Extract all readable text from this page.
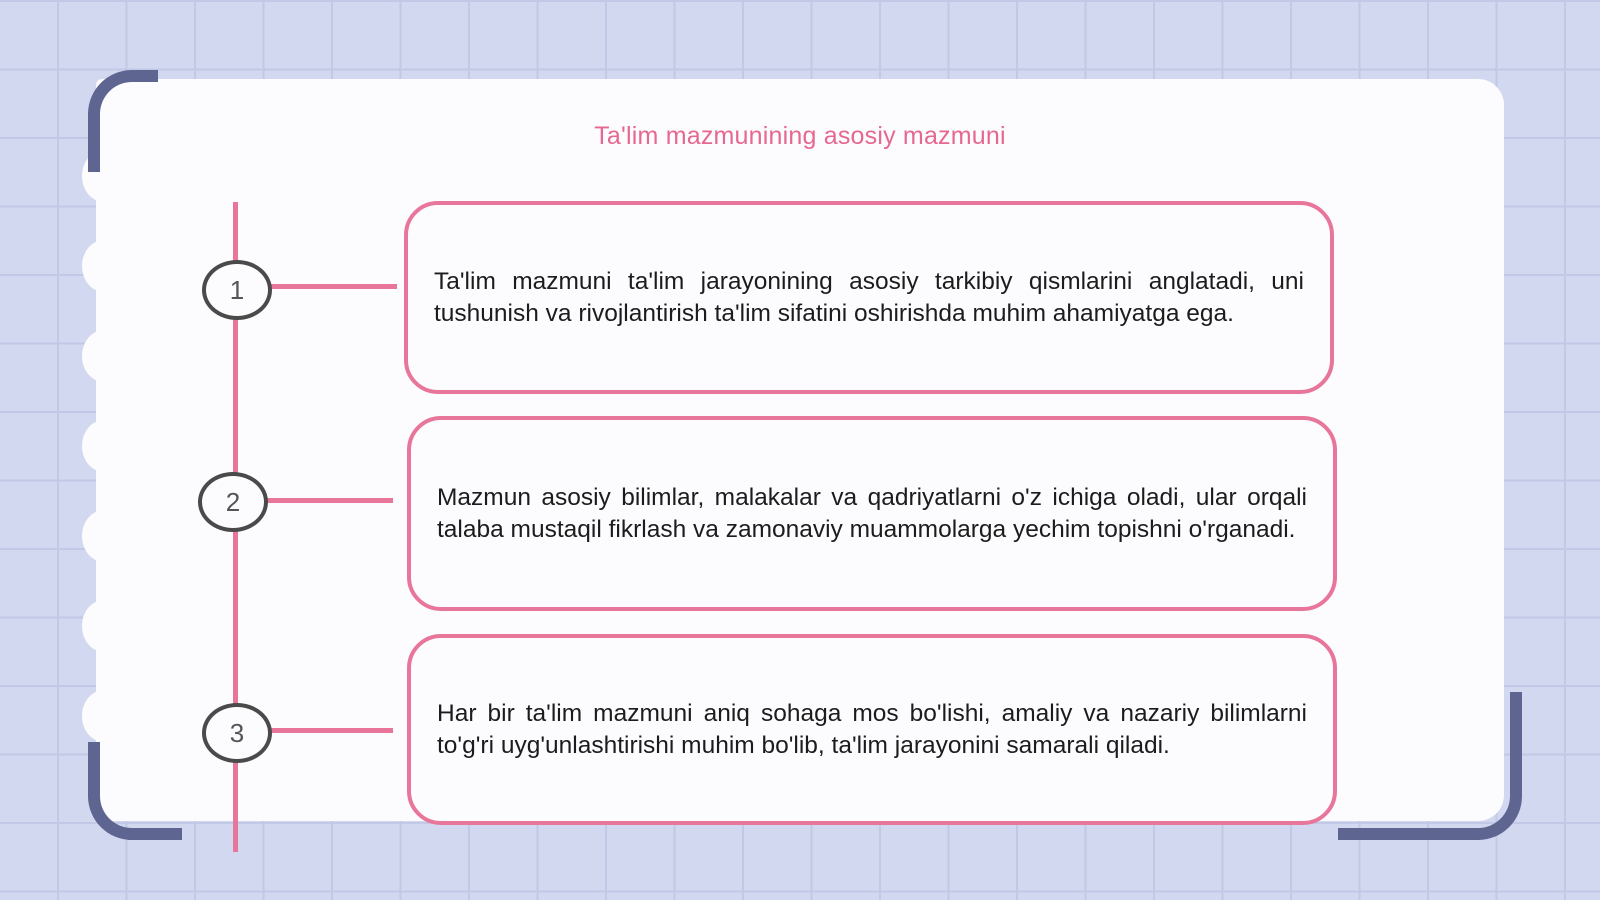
Ta'lim mazmunining asosiy mazmuni
1
2
3

Ta'lim mazmuni ta'lim jarayonining asosiy tarkibiy qismlarini anglatadi, uni tushunish va rivojlantirish ta'lim sifatini oshirishda muhim ahamiyatga ega.

Mazmun asosiy bilimlar, malakalar va qadriyatlarni o'z ichiga oladi, ular orqali talaba mustaqil fikrlash va zamonaviy muammolarga yechim topishni o'rganadi.

Har bir ta'lim mazmuni aniq sohaga mos bo'lishi, amaliy va nazariy bilimlarni to'g'ri uyg'unlashtirishi muhim bo'lib, ta'lim jarayonini samarali qiladi.
